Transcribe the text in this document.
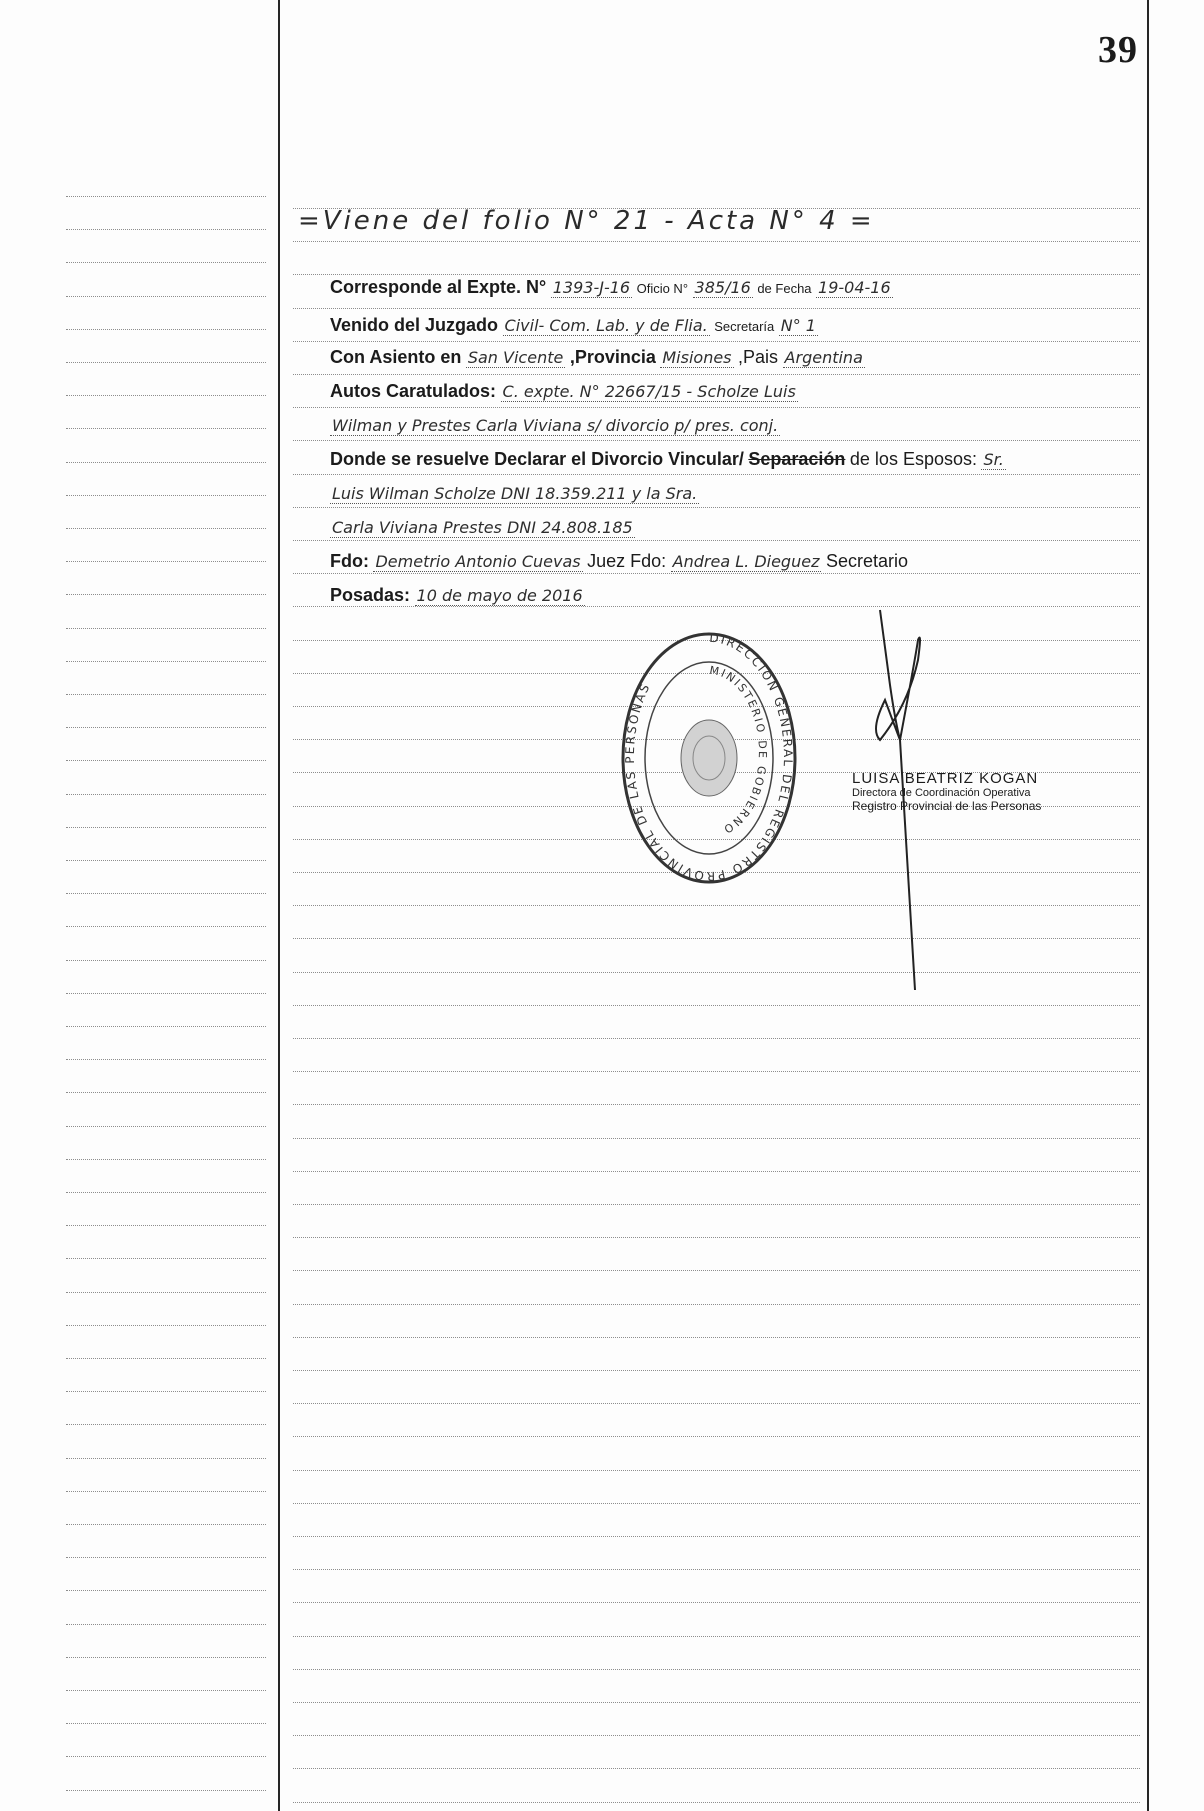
39
=Viene del folio N° 21 - Acta N° 4 =
Corresponde al Expte. N° 1393-J-16 Oficio N° 385/16 de Fecha 19-04-16
Venido del Juzgado Civil- Com. Lab. y de Flia. Secretaría N° 1
Con Asiento en San Vicente ,Provincia Misiones ,Pais Argentina
Autos Caratulados: C. expte. N° 22667/15 - Scholze Luis
Wilman y Prestes Carla Viviana s/ divorcio p/ pres. conj.
Donde se resuelve Declarar el Divorcio Vincular/ Separación de los Esposos: Sr.
Luis Wilman Scholze DNI 18.359.211 y la Sra.
Carla Viviana Prestes DNI 24.808.185
Fdo: Demetrio Antonio Cuevas Juez Fdo: Andrea L. Dieguez Secretario
Posadas: 10 de mayo de 2016
DIRECCION GENERAL DEL REGISTRO PROVINCIAL DE LAS PERSONAS
MINISTERIO DE GOBIERNO
LUISA BEATRIZ KOGAN
Directora de Coordinación Operativa
Registro Provincial de las Personas
